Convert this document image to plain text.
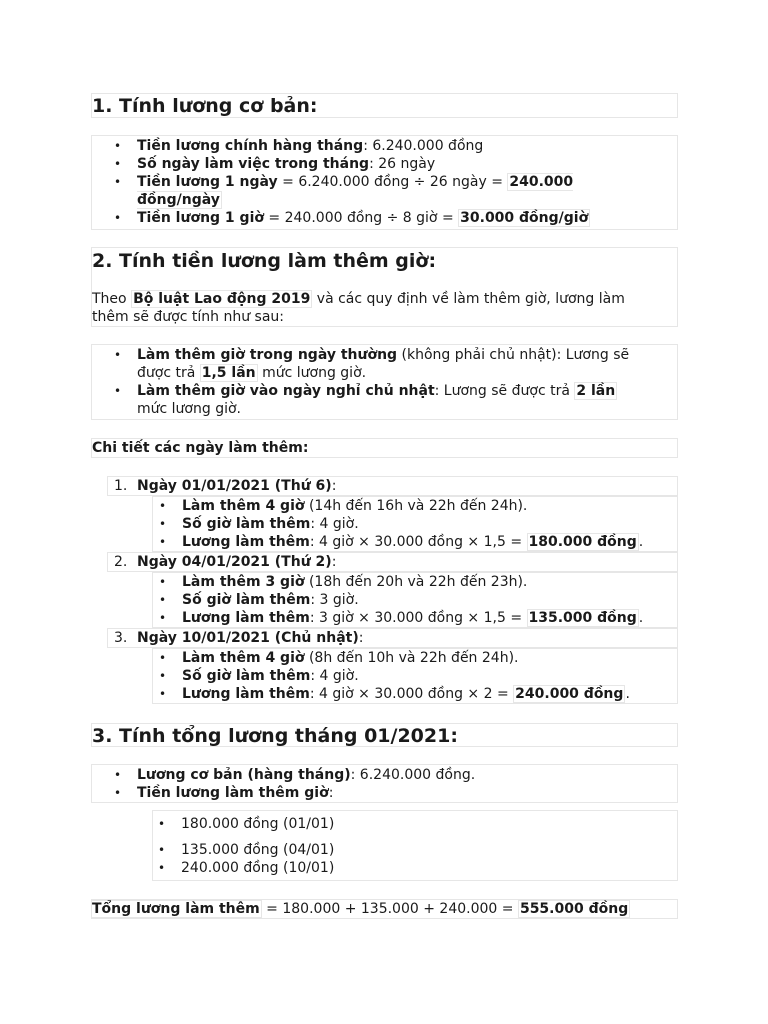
1. Tính lương cơ bản:
• Tiền lương chính hàng tháng: 6.240.000 đồng
• Số ngày làm việc trong tháng: 26 ngày
• Tiền lương 1 ngày = 6.240.000 đồng ÷ 26 ngày = 240.000 đồng/ngày
• Tiền lương 1 giờ = 240.000 đồng ÷ 8 giờ = 30.000 đồng/giờ
2. Tính tiền lương làm thêm giờ:

Theo Bộ luật Lao động 2019 và các quy định về làm thêm giờ, lương làm thêm sẽ được tính như sau:

• Làm thêm giờ trong ngày thường (không phải chủ nhật): Lương sẽ được trả 1,5 lần mức lương giờ.
• Làm thêm giờ vào ngày nghỉ chủ nhật: Lương sẽ được trả 2 lần mức lương giờ.
Chi tiết các ngày làm thêm:
1. Ngày 01/01/2021 (Thứ 6):
• Làm thêm 4 giờ (14h đến 16h và 22h đến 24h).
• Số giờ làm thêm: 4 giờ.
• Lương làm thêm: 4 giờ × 30.000 đồng × 1,5 = 180.000 đồng .
2. Ngày 04/01/2021 (Thứ 2):
• Làm thêm 3 giờ (18h đến 20h và 22h đến 23h).
• Số giờ làm thêm: 3 giờ.
• Lương làm thêm: 3 giờ × 30.000 đồng × 1,5 = 135.000 đồng .
3. Ngày 10/01/2021 (Chủ nhật):
• Làm thêm 4 giờ (8h đến 10h và 22h đến 24h).
• Số giờ làm thêm: 4 giờ.
• Lương làm thêm: 4 giờ × 30.000 đồng × 2 = 240.000 đồng .
3. Tính tổng lương tháng 01/2021:
• Lương cơ bản (hàng tháng): 6.240.000 đồng.
• Tiền lương làm thêm giờ:
• 180.000 đồng (01/01)
• 135.000 đồng (04/01)
• 240.000 đồng (10/01)

Tổng lương làm thêm = 180.000 + 135.000 + 240.000 = 555.000 đồng
